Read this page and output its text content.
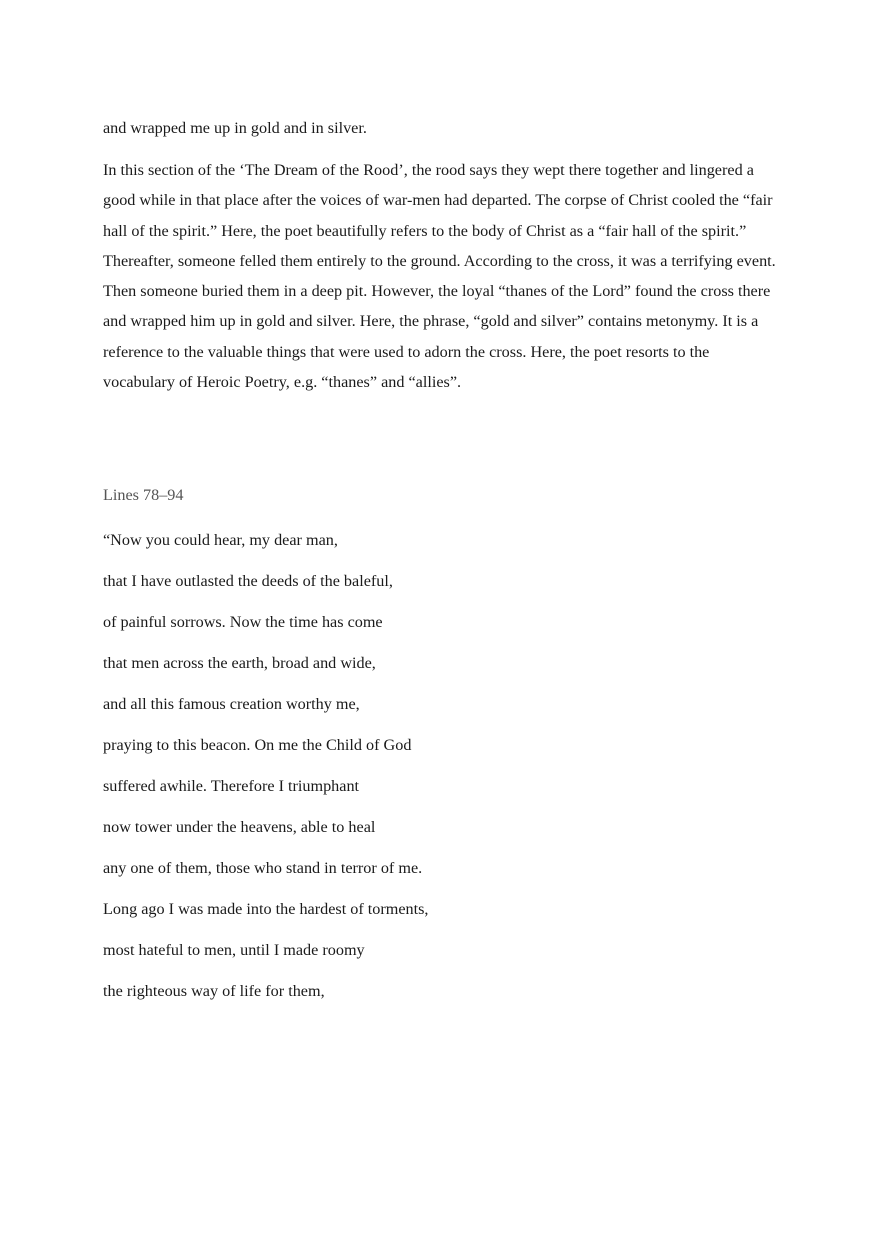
and wrapped me up in gold and in silver.

In this section of the ‘The Dream of the Rood’, the rood says they wept there together and lingered a good while in that place after the voices of war-men had departed. The corpse of Christ cooled the “fair hall of the spirit.” Here, the poet beautifully refers to the body of Christ as a “fair hall of the spirit.” Thereafter, someone felled them entirely to the ground. According to the cross, it was a terrifying event. Then someone buried them in a deep pit. However, the loyal “thanes of the Lord” found the cross there and wrapped him up in gold and silver. Here, the phrase, “gold and silver” contains metonymy. It is a reference to the valuable things that were used to adorn the cross. Here, the poet resorts to the vocabulary of Heroic Poetry, e.g. “thanes” and “allies”.

Lines 78–94
“Now you could hear, my dear man,
that I have outlasted the deeds of the baleful,
of painful sorrows. Now the time has come
that men across the earth, broad and wide,
and all this famous creation worthy me,
praying to this beacon. On me the Child of God
suffered awhile. Therefore I triumphant
now tower under the heavens, able to heal
any one of them, those who stand in terror of me.
Long ago I was made into the hardest of torments,
most hateful to men, until I made roomy
the righteous way of life for them,
